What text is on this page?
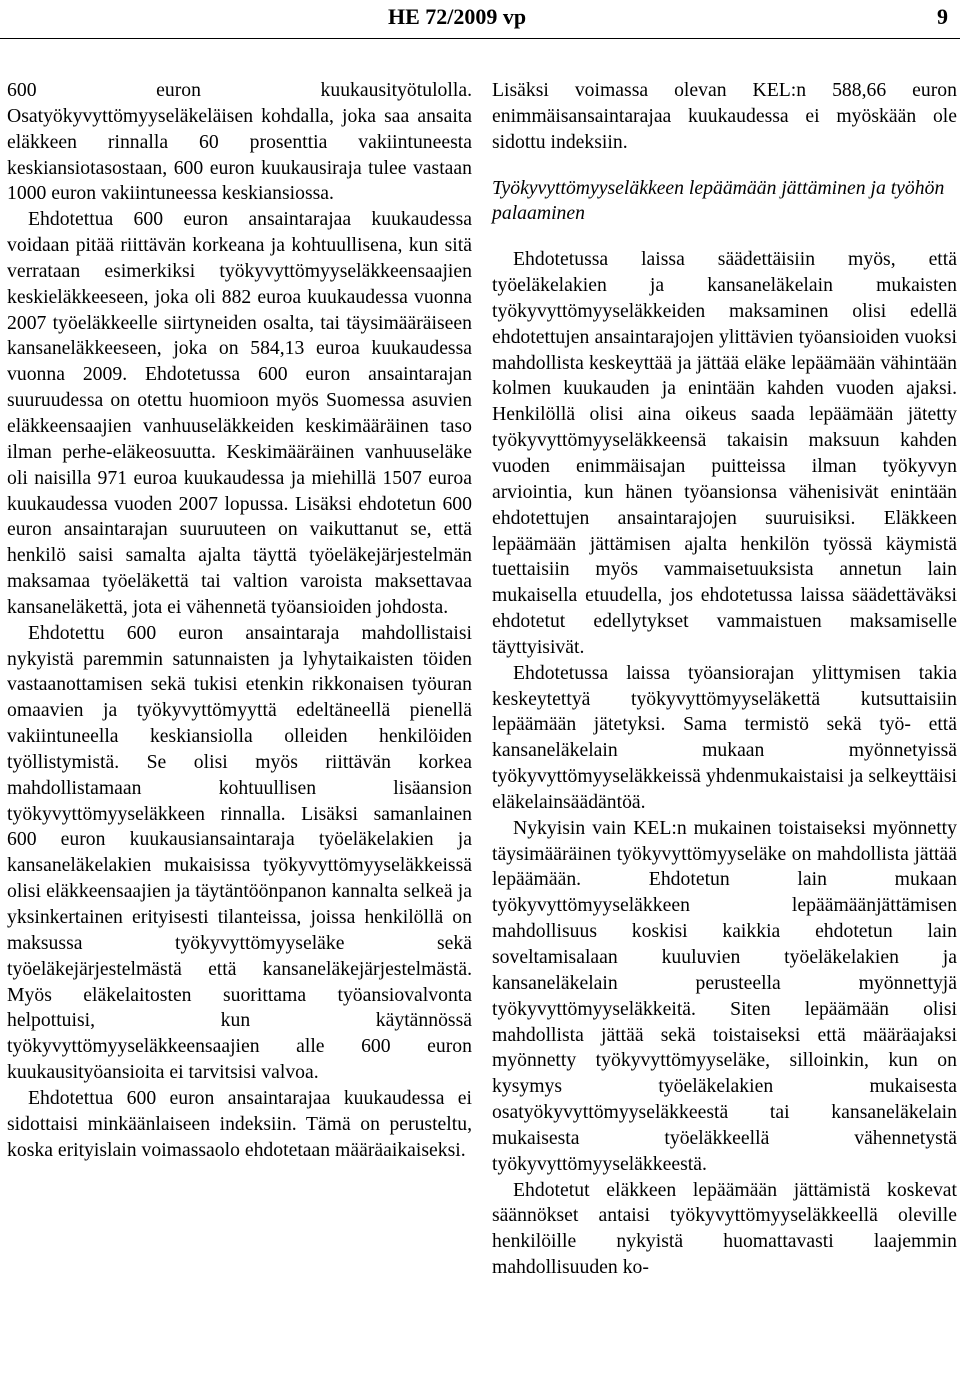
HE 72/2009 vp	9

600 euron kuukausityötulolla. Osatyökyvyttömyyseläkeläisen kohdalla, joka saa ansaita eläkkeen rinnalla 60 prosenttia vakiintuneesta keskiansiotasostaan, 600 euron kuukausiraja tulee vastaan 1000 euron vakiintuneessa keskiansiossa.

Ehdotettua 600 euron ansaintarajaa kuukaudessa voidaan pitää riittävän korkeana ja kohtuullisena, kun sitä verrataan esimerkiksi työkyvyttömyyseläkkeensaajien keskieläkkeeseen, joka oli 882 euroa kuukaudessa vuonna 2007 työeläkkeelle siirtyneiden osalta, tai täysimääräiseen kansaneläkkeeseen, joka on 584,13 euroa kuukaudessa vuonna 2009. Ehdotetussa 600 euron ansaintarajan suuruudessa on otettu huomioon myös Suomessa asuvien eläkkeensaajien vanhuuseläkkeiden keskimääräinen taso ilman perhe-eläkeosuutta. Keskimääräinen vanhuuseläke oli naisilla 971 euroa kuukaudessa ja miehillä 1507 euroa kuukaudessa vuoden 2007 lopussa. Lisäksi ehdotetun 600 euron ansaintarajan suuruuteen on vaikuttanut se, että henkilö saisi samalta ajalta täyttä työeläkejärjestelmän maksamaa työeläkettä tai valtion varoista maksettavaa kansaneläkettä, jota ei vähennetä työansioiden johdosta.

Ehdotettu 600 euron ansaintaraja mahdollistaisi nykyistä paremmin satunnaisten ja lyhytaikaisten töiden vastaanottamisen sekä tukisi etenkin rikkonaisen työuran omaavien ja työkyvyttömyyttä edeltäneellä pienellä vakiintuneella keskiansiolla olleiden henkilöiden työllistymistä. Se olisi myös riittävän korkea mahdollistamaan kohtuullisen lisäansion työkyvyttömyyseläkkeen rinnalla. Lisäksi samanlainen 600 euron kuukausiansaintaraja työeläkelakien ja kansaneläkelakien mukaisissa työkyvyttömyyseläkkeissä olisi eläkkeensaajien ja täytäntöönpanon kannalta selkeä ja yksinkertainen erityisesti tilanteissa, joissa henkilöllä on maksussa työkyvyttömyyseläke sekä työeläkejärjestelmästä että kansaneläkejärjestelmästä. Myös eläkelaitosten suorittama työansiovalvonta helpottuisi, kun käytännössä työkyvyttömyyseläkkeensaajien alle 600 euron kuukausityöansioita ei tarvitsisi valvoa.

Ehdotettua 600 euron ansaintarajaa kuukaudessa ei sidottaisi minkäänlaiseen indeksiin. Tämä on perusteltu, koska erityislain voimassaolo ehdotetaan määräaikaiseksi.

Lisäksi voimassa olevan KEL:n 588,66 euron enimmäisansaintarajaa kuukaudessa ei myöskään ole sidottu indeksiin.

Työkyvyttömyyseläkkeen lepäämään jättäminen ja työhön palaaminen

Ehdotetussa laissa säädettäisiin myös, että työeläkelakien ja kansaneläkelain mukaisten työkyvyttömyyseläkkeiden maksaminen olisi edellä ehdotettujen ansaintarajojen ylittävien työansioiden vuoksi mahdollista keskeyttää ja jättää eläke lepäämään vähintään kolmen kuukauden ja enintään kahden vuoden ajaksi. Henkilöllä olisi aina oikeus saada lepäämään jätetty työkyvyttömyyseläkkeensä takaisin maksuun kahden vuoden enimmäisajan puitteissa ilman työkyvyn arviointia, kun hänen työansionsa vähenisivät enintään ehdotettujen ansaintarajojen suuruisiksi. Eläkkeen lepäämään jättämisen ajalta henkilön työssä käymistä tuettaisiin myös vammaisetuuksista annetun lain mukaisella etuudella, jos ehdotetussa laissa säädettäväksi ehdotetut edellytykset vammaistuen maksamiselle täyttyisivät.

Ehdotetussa laissa työansiorajan ylittymisen takia keskeytettyä työkyvyttömyyseläkettä kutsuttaisiin lepäämään jätetyksi. Sama termistö sekä työ- että kansaneläkelain mukaan myönnetyissä työkyvyttömyyseläkkeissä yhdenmukaistaisi ja selkeyttäisi eläkelainsäädäntöä.

Nykyisin vain KEL:n mukainen toistaiseksi myönnetty täysimääräinen työkyvyttömyyseläke on mahdollista jättää lepäämään. Ehdotetun lain mukaan työkyvyttömyyseläkkeen lepäämäänjättämisen mahdollisuus koskisi kaikkia ehdotetun lain soveltamisalaan kuuluvien työeläkelakien ja kansaneläkelain perusteella myönnettyjä työkyvyttömyyseläkkeitä. Siten lepäämään olisi mahdollista jättää sekä toistaiseksi että määräajaksi myönnetty työkyvyttömyyseläke, silloinkin, kun on kysymys työeläkelakien mukaisesta osatyökyvyttömyyseläkkeestä tai kansaneläkelain mukaisesta työeläkkeellä vähennetystä työkyvyttömyyseläkkeestä.

Ehdotetut eläkkeen lepäämään jättämistä koskevat säännökset antaisi työkyvyttömyyseläkkeellä oleville henkilöille nykyistä huomattavasti laajemmin mahdollisuuden ko-
